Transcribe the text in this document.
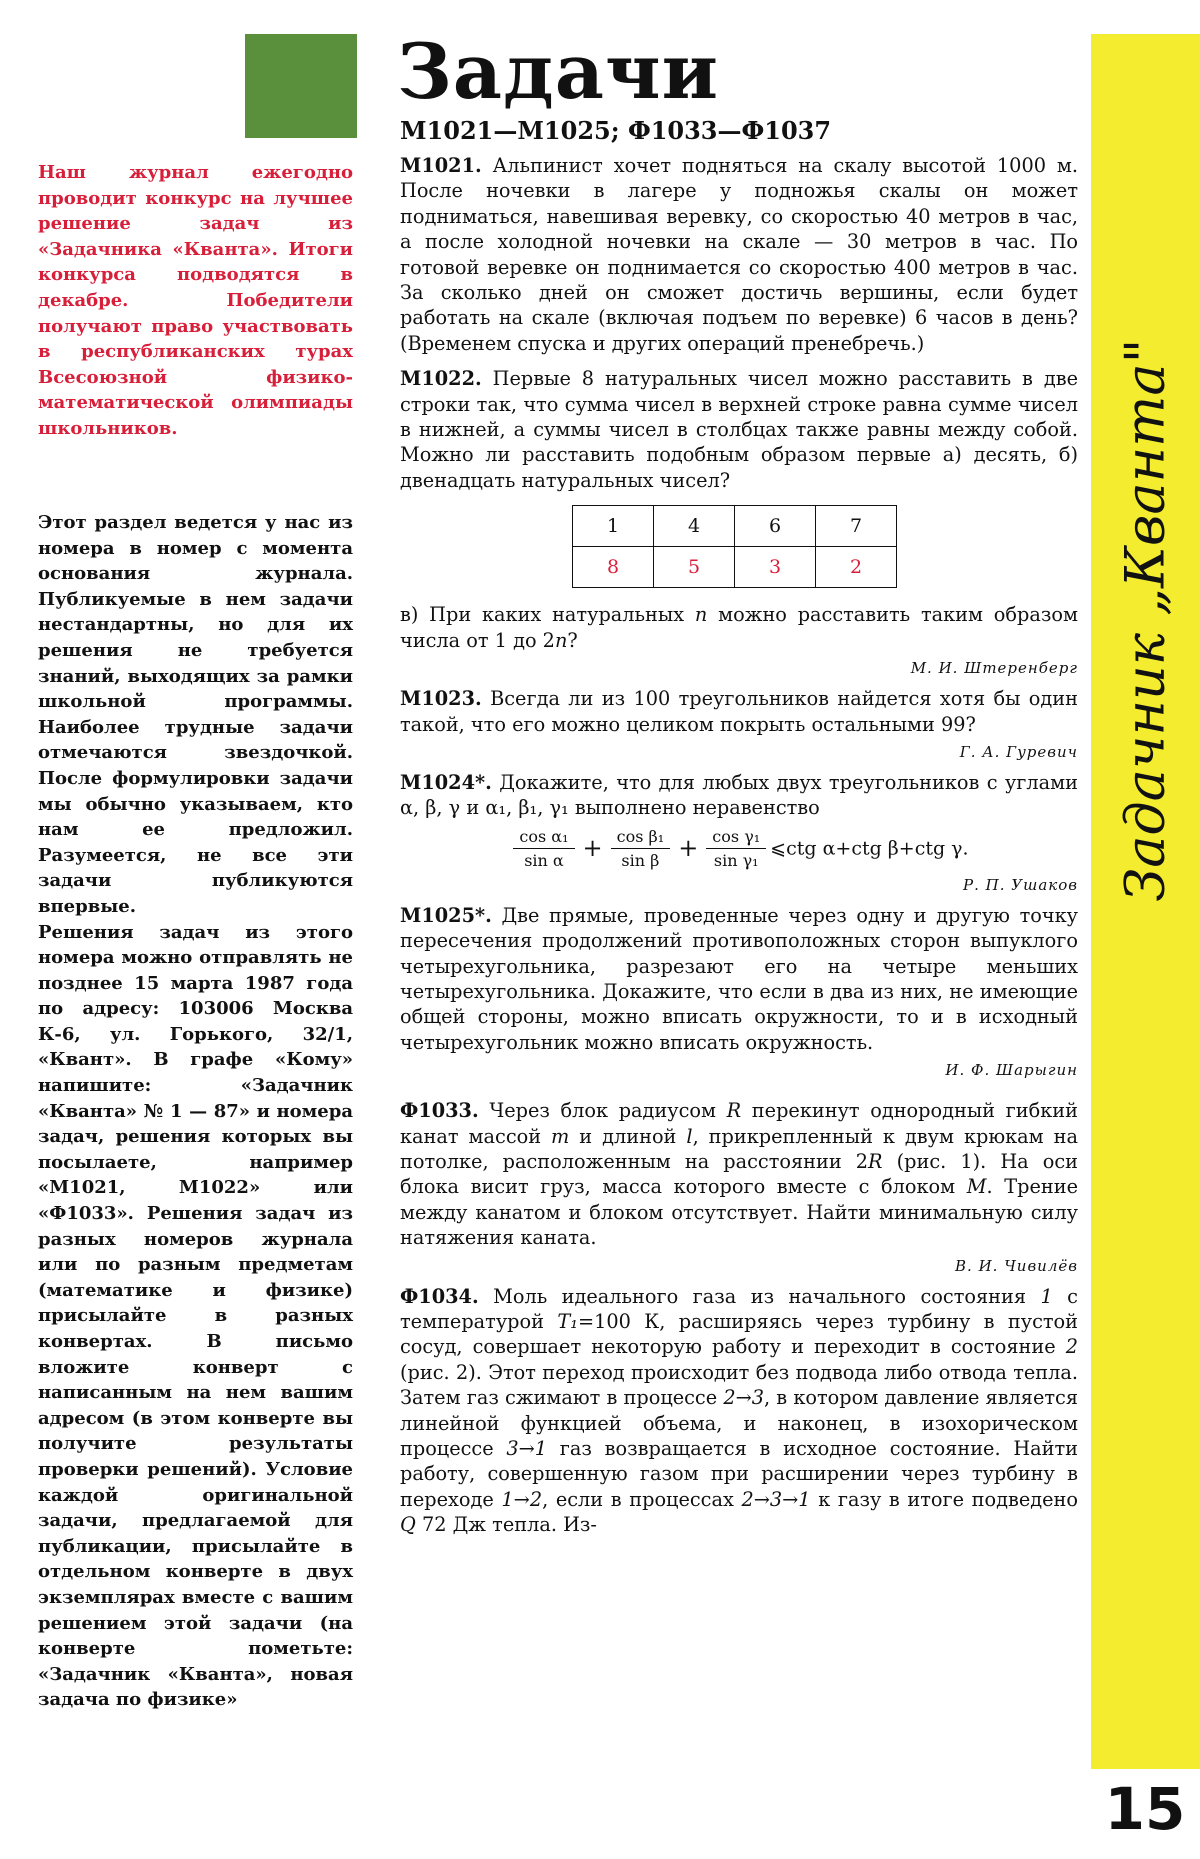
Наш журнал ежегодно проводит конкурс на лучшее решение задач из «Задачника «Кванта». Итоги конкурса подводятся в декабре. Победители получают право участвовать в республиканских турах Всесоюзной физико-математической олимпиады школьников.

Этот раздел ведется у нас из номера в номер с момента основания журнала. Публикуемые в нем задачи нестандартны, но для их решения не требуется знаний, выходящих за рамки школьной программы. Наиболее трудные задачи отмечаются звездочкой. После формулировки задачи мы обычно указываем, кто нам ее предложил. Разумеется, не все эти задачи публикуются впервые.

Решения задач из этого номера можно отправлять не позднее 15 марта 1987 года по адресу: 103006 Москва К-6, ул. Горького, 32/1, «Квант». В графе «Кому» напишите: «Задачник «Кванта» № 1 — 87» и номера задач, решения которых вы посылаете, например «М1021, М1022» или «Ф1033». Решения задач из разных номеров журнала или по разным предметам (математике и физике) присылайте в разных конвертах. В письмо вложите конверт с написанным на нем вашим адресом (в этом конверте вы получите результаты проверки решений). Условие каждой оригинальной задачи, предлагаемой для публикации, присылайте в отдельном конверте в двух экземплярах вместе с вашим решением этой задачи (на конверте пометьте: «Задачник «Кванта», новая задача по физике»

Задачи
М1021—М1025; Ф1033—Ф1037

М1021. Альпинист хочет подняться на скалу высотой 1000 м. После ночевки в лагере у подножья скалы он может подниматься, навешивая веревку, со скоростью 40 метров в час, а после холодной ночевки на скале — 30 метров в час. По готовой веревке он поднимается со скоростью 400 метров в час. За сколько дней он сможет достичь вершины, если будет работать на скале (включая подъем по веревке) 6 часов в день? (Временем спуска и других операций пренебречь.)

М1022. Первые 8 натуральных чисел можно расставить в две строки так, что сумма чисел в верхней строке равна сумме чисел в нижней, а суммы чисел в столбцах также равны между собой. Можно ли расставить подобным образом первые а) десять, б) двенадцать натуральных чисел?

1	4	6	7
8	5	3	2

в) При каких натуральных n можно расставить таким образом числа от 1 до 2n?

М. И. Штеренберг

М1023. Всегда ли из 100 треугольников найдется хотя бы один такой, что его можно целиком покрыть остальными 99?

Г. А. Гуревич

М1024*. Докажите, что для любых двух треугольников с углами α, β, γ и α₁, β₁, γ₁ выполнено неравенство

$\frac{\text{cos α₁}}{\text{sin α}} + \frac{\text{cos β₁}}{\text{sin β}} + \frac{\text{cos γ₁}}{\text{sin γ₁}}$ ⩽ctg α+ctg β+ctg γ.
Р. П. Ушаков

М1025*. Две прямые, проведенные через одну и другую точку пересечения продолжений противоположных сторон выпуклого четырехугольника, разрезают его на четыре меньших четырехугольника. Докажите, что если в два из них, не имеющие общей стороны, можно вписать окружности, то и в исходный четырехугольник можно вписать окружность.

И. Ф. Шарыгин

Ф1033. Через блок радиусом R перекинут однородный гибкий канат массой m и длиной l, прикрепленный к двум крюкам на потолке, расположенным на расстоянии 2R (рис. 1). На оси блока висит груз, масса которого вместе с блоком M. Трение между канатом и блоком отсутствует. Найти минимальную силу натяжения каната.

В. И. Чивилёв

Ф1034. Моль идеального газа из начального состояния 1 с температурой T₁=100 К, расширяясь через турбину в пустой сосуд, совершает некоторую работу и переходит в состояние 2 (рис. 2). Этот переход происходит без подвода либо отвода тепла. Затем газ сжимают в процессе 2→3, в котором давление является линейной функцией объема, и наконец, в изохорическом процессе 3→1 газ возвращается в исходное состояние. Найти работу, совершенную газом при расширении через турбину в переходе 1→2, если в процессах 2→3→1 к газу в итоге подведено Q 72 Дж тепла. Из-

Задачник „Кванта"
15
